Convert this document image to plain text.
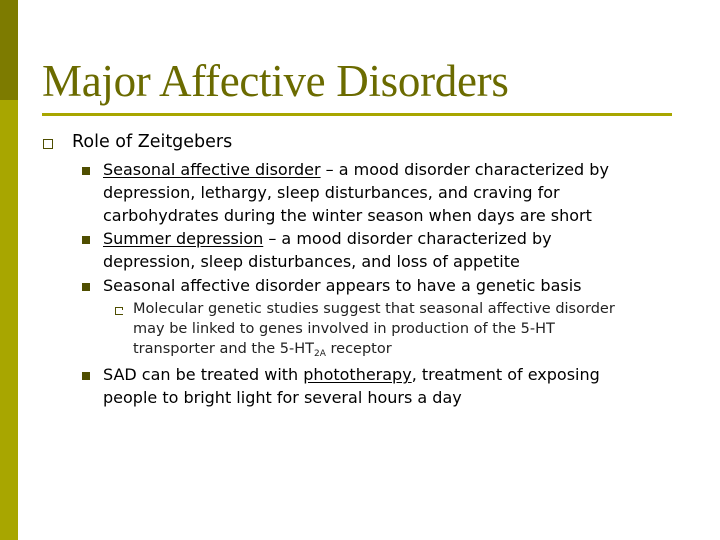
Major Affective Disorders
Role of Zeitgebers
Seasonal affective disorder – a mood disorder characterized by
depression, lethargy, sleep disturbances, and craving for
carbohydrates during the winter season when days are short
Summer depression – a mood disorder characterized by
depression, sleep disturbances, and loss of appetite
Seasonal affective disorder appears to have a genetic basis
Molecular genetic studies suggest that seasonal affective disorder
may be linked to genes involved in production of the 5-HT
transporter and the $5-HT_{2A}$ receptor
SAD can be treated with phototherapy, treatment of exposing
people to bright light for several hours a day
